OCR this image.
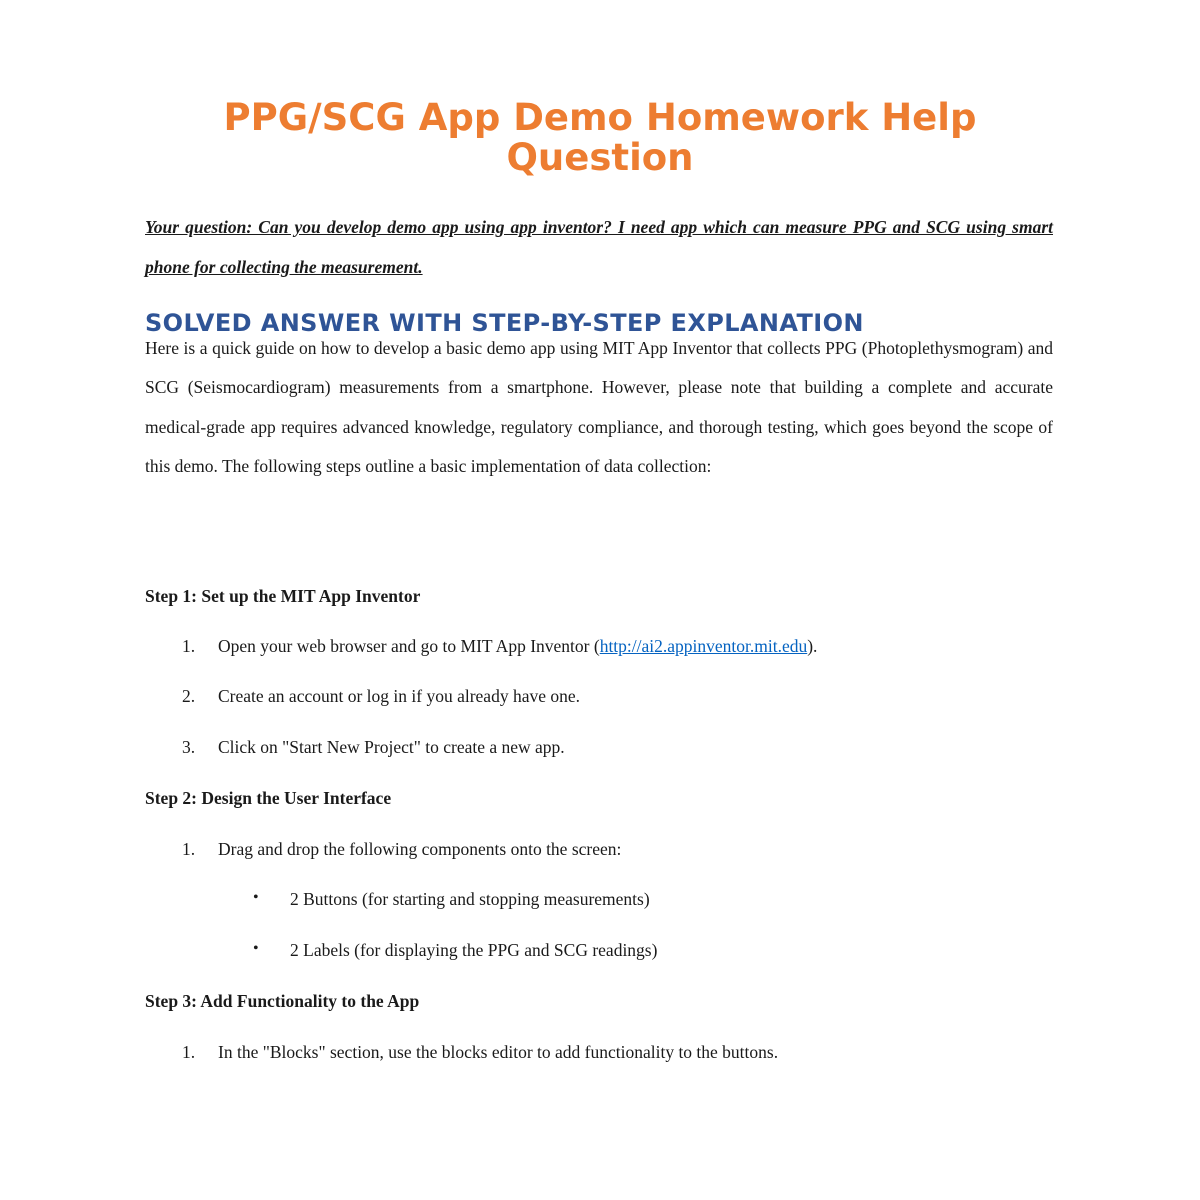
PPG/SCG App Demo Homework Help Question

Your question: Can you develop demo app using app inventor? I need app which can measure PPG and SCG using smart phone for collecting the measurement.

SOLVED ANSWER WITH STEP-BY-STEP EXPLANATION

Here is a quick guide on how to develop a basic demo app using MIT App Inventor that collects PPG (Photoplethysmogram) and SCG (Seismocardiogram) measurements from a smartphone. However, please note that building a complete and accurate medical-grade app requires advanced knowledge, regulatory compliance, and thorough testing, which goes beyond the scope of this demo. The following steps outline a basic implementation of data collection:

Step 1: Set up the MIT App Inventor

1. Open your web browser and go to MIT App Inventor (http://ai2.appinventor.mit.edu).
2. Create an account or log in if you already have one.
3. Click on "Start New Project" to create a new app.

Step 2: Design the User Interface

1. Drag and drop the following components onto the screen:
• 2 Buttons (for starting and stopping measurements)
• 2 Labels (for displaying the PPG and SCG readings)

Step 3: Add Functionality to the App

1. In the "Blocks" section, use the blocks editor to add functionality to the buttons.
